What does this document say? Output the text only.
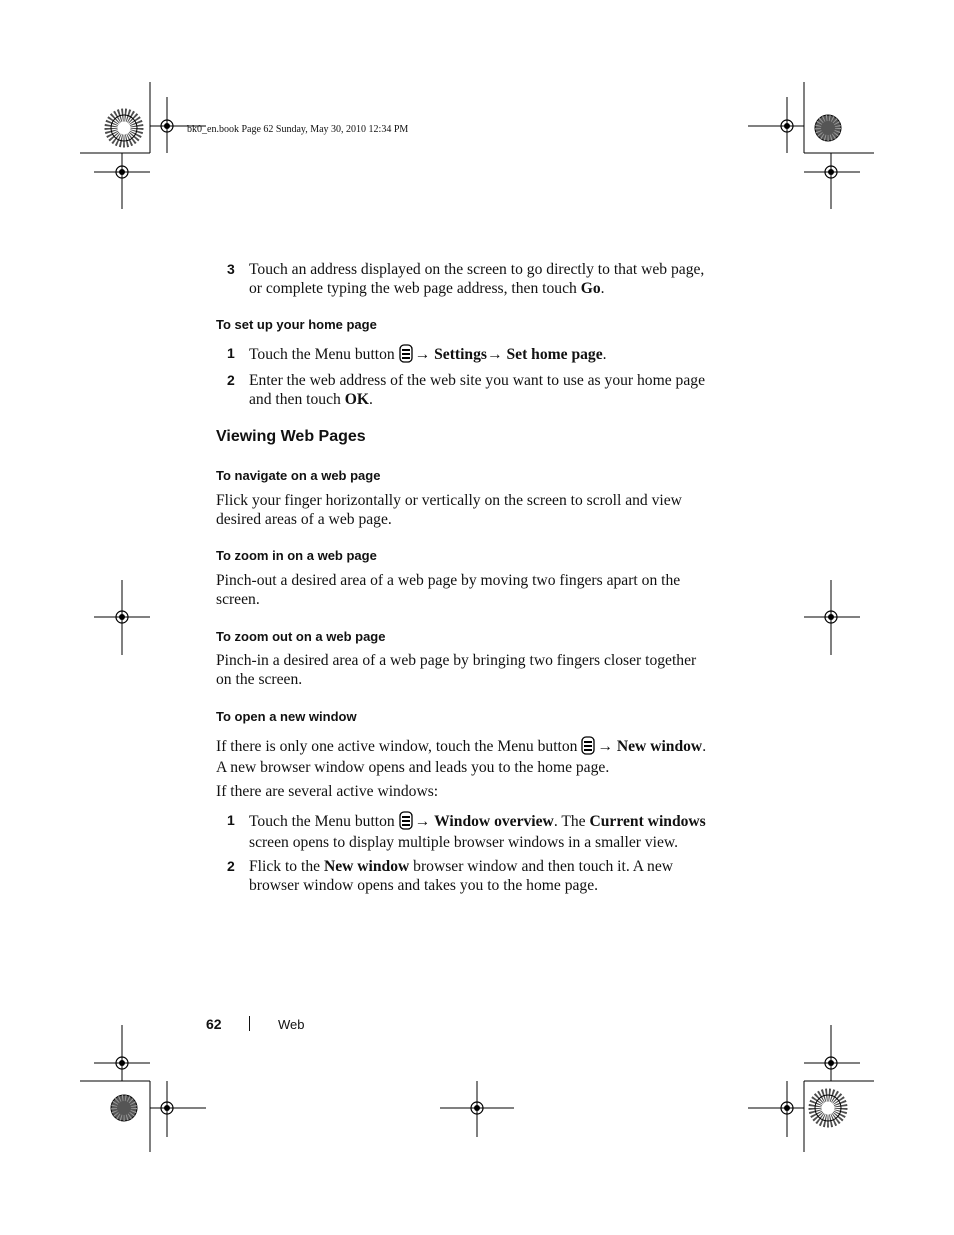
bk0_en.book Page 62 Sunday, May 30, 2010 12:34 PM
3 Touch an address displayed on the screen to go directly to that web page,
or complete typing the web page address, then touch Go.
To set up your home page
1 Touch the Menu button → Settings→ Set home page.
2 Enter the web address of the web site you want to use as your home page
and then touch OK.
Viewing Web Pages
To navigate on a web page
Flick your finger horizontally or vertically on the screen to scroll and view
desired areas of a web page.
To zoom in on a web page
Pinch-out a desired area of a web page by moving two fingers apart on the
screen.
To zoom out on a web page
Pinch-in a desired area of a web page by bringing two fingers closer together
on the screen.
To open a new window
If there is only one active window, touch the Menu button → New window.
A new browser window opens and leads you to the home page.
If there are several active windows:
1 Touch the Menu button → Window overview. The Current windows
screen opens to display multiple browser windows in a smaller view.
2 Flick to the New window browser window and then touch it. A new
browser window opens and takes you to the home page.
62	Web
